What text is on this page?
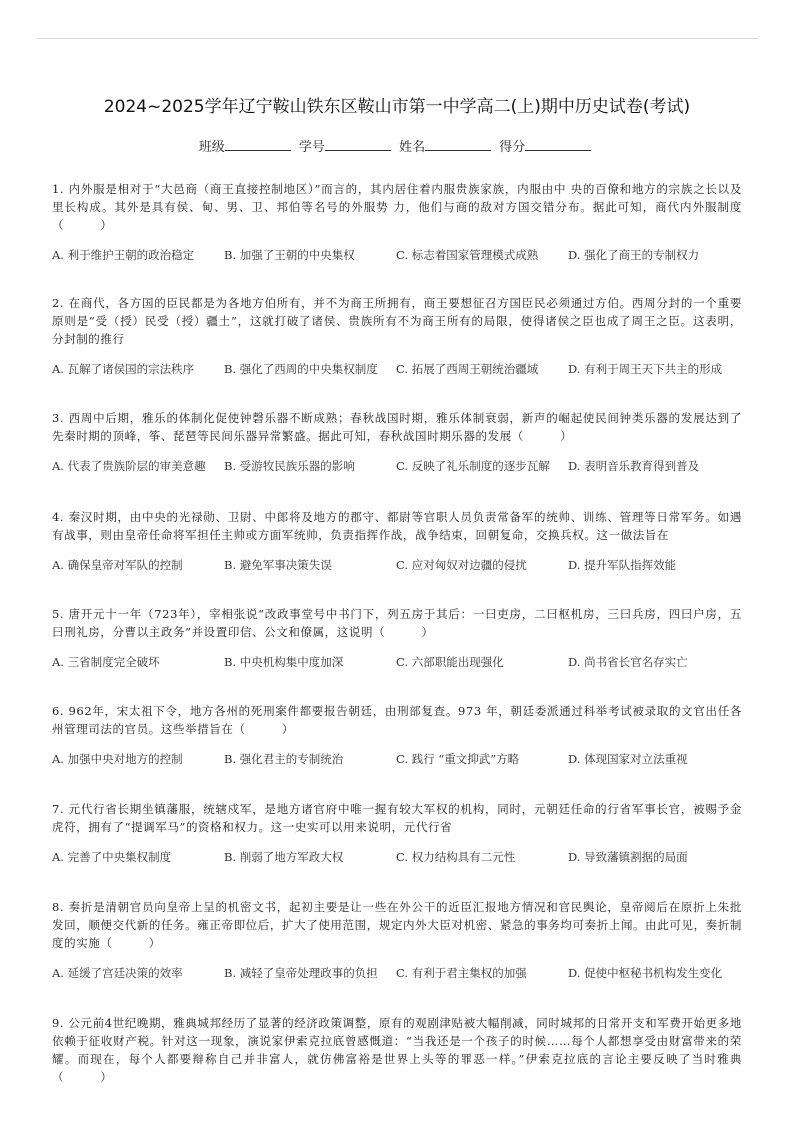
2024~2025学年辽宁鞍山铁东区鞍山市第一中学高二(上)期中历史试卷(考试)
班级	学号	姓名	得分
1. 内外服是相对于“大邑商（商王直接控制地区）”而言的，其内居住着内服贵族家族，内服由中 央的百僚和地方的宗族之长以及里长构成。其外是具有侯、甸、男、卫、邦伯等名号的外服势 力，他们与商的敌对方国交错分布。据此可知，商代内外服制度（　　　）
A. 利于维护王朝的政治稳定	B. 加强了王朝的中央集权	C. 标志着国家管理模式成熟	D. 强化了商王的专制权力
2. 在商代，各方国的臣民都是为各地方伯所有，并不为商王所拥有，商王要想征召方国臣民必须通过方伯。西周分封的一个重要原则是“受（授）民受（授）疆土”，这就打破了诸侯、贵族所有不为商王所有的局限，使得诸侯之臣也成了周王之臣。这表明，分封制的推行
A. 瓦解了诸侯国的宗法秩序	B. 强化了西周的中央集权制度	C. 拓展了西周王朝统治疆域	D. 有利于周王天下共主的形成
3. 西周中后期，雅乐的体制化促使钟磬乐器不断成熟；春秋战国时期，雅乐体制衰弱，新声的崛起使民间钟类乐器的发展达到了先秦时期的顶峰，筝、琵琶等民间乐器异常繁盛。据此可知，春秋战国时期乐器的发展（　　　）
A. 代表了贵族阶层的审美意趣	B. 受游牧民族乐器的影响	C. 反映了礼乐制度的逐步瓦解	D. 表明音乐教育得到普及
4. 秦汉时期，由中央的光禄勋、卫尉、中郎将及地方的郡守、都尉等官职人员负责常备军的统帅、训练、管理等日常军务。如遇有战事，则由皇帝任命将军担任主帅或方面军统帅，负责指挥作战，战争结束，回朝复命，交换兵权。这一做法旨在
A. 确保皇帝对军队的控制	B. 避免军事决策失误	C. 应对匈奴对边疆的侵扰	D. 提升军队指挥效能
5. 唐开元十一年（723年），宰相张说“改政事堂号中书门下，列五房于其后：一曰吏房，二曰枢机房，三曰兵房，四曰户房，五曰刑礼房，分曹以主政务”并设置印信、公文和僚属，这说明（　　　）
A. 三省制度完全破坏	B. 中央机构集中度加深	C. 六部职能出现强化	D. 尚书省长官名存实亡
6. 962年，宋太祖下令，地方各州的死刑案件都要报告朝廷，由刑部复查。973 年，朝廷委派通过科举考试被录取的文官出任各州管理司法的官员。这些举措旨在（　　　）
A. 加强中央对地方的控制	B. 强化君主的专制统治	C. 践行 “重文抑武”方略	D. 体现国家对立法重视
7. 元代行省长期坐镇藩服，统辖戍军，是地方诸官府中唯一握有较大军权的机构，同时，元朝廷任命的行省军事长官，被赐予金虎符，拥有了“提调军马”的资格和权力。这一史实可以用来说明，元代行省
A. 完善了中央集权制度	B. 削弱了地方军政大权	C. 权力结构具有二元性	D. 导致藩镇割据的局面
8. 奏折是清朝官员向皇帝上呈的机密文书，起初主要是让一些在外公干的近臣汇报地方情况和官民舆论，皇帝阅后在原折上朱批发回，顺便交代新的任务。雍正帝即位后，扩大了使用范围，规定内外大臣对机密、紧急的事务均可奏折上闻。由此可见，奏折制度的实施（　　　）
A. 延缓了宫廷决策的效率	B. 减轻了皇帝处理政事的负担	C. 有利于君主集权的加强	D. 促使中枢秘书机构发生变化
9. 公元前4世纪晚期，雅典城邦经历了显著的经济政策调整，原有的观剧津贴被大幅削减，同时城邦的日常开支和军费开始更多地依赖于征收财产税。针对这一现象，演说家伊索克拉底曾感慨道：“当我还是一个孩子的时候……每个人都想享受由财富带来的荣耀。而现在，每个人都要辩称自己并非富人，就仿佛富裕是世界上头等的罪恶一样。”伊索克拉底的言论主要反映了当时雅典（　　　）
